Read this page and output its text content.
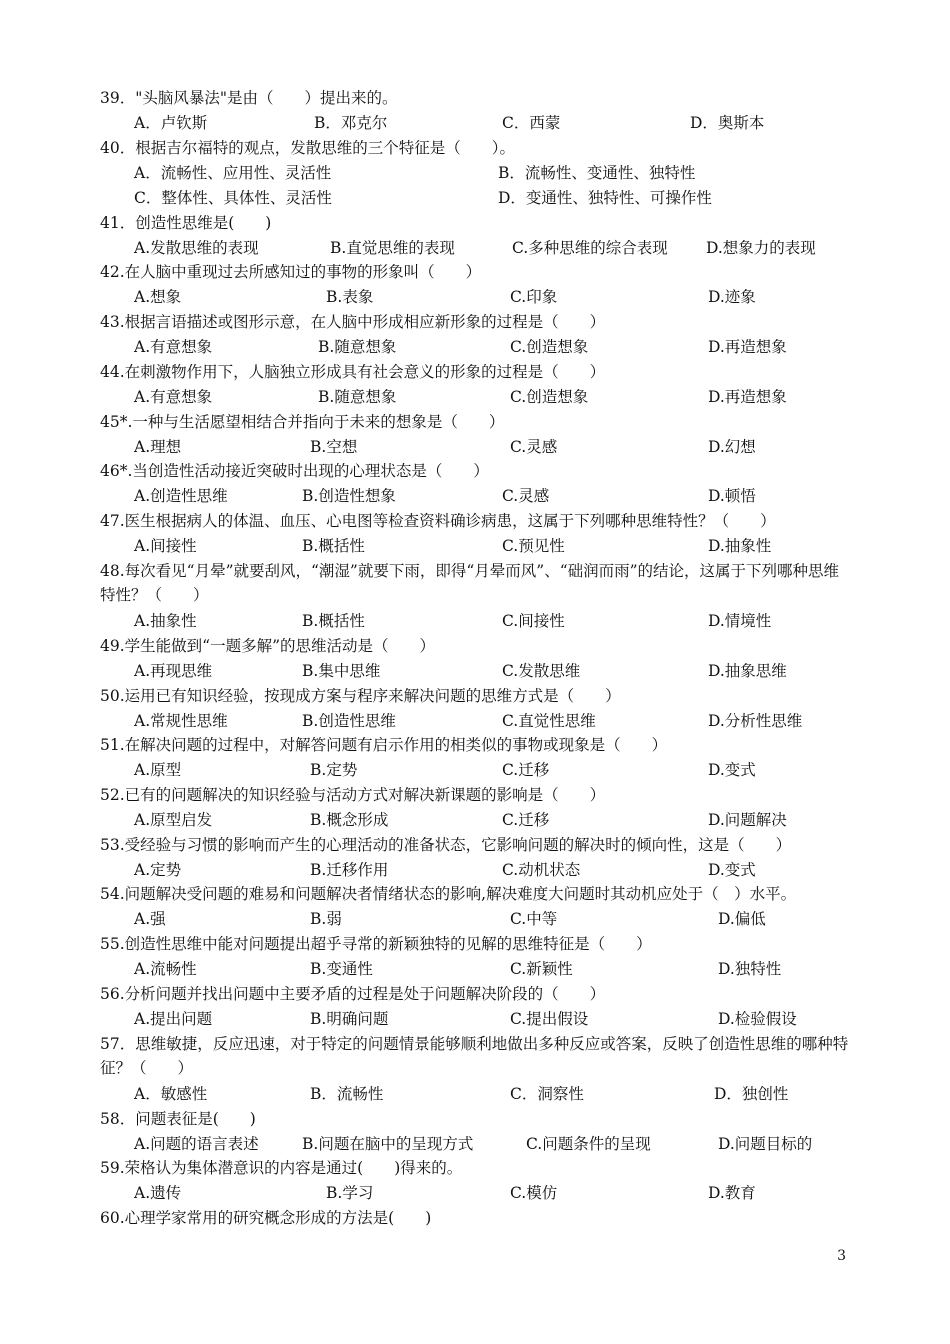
39．"头脑风暴法"是由（　　）提出来的。
A．卢钦斯	B．邓克尔	C．西蒙	D．奥斯本
40．根据吉尔福特的观点，发散思维的三个特征是（　　）。
A．流畅性、应用性、灵活性	B．流畅性、变通性、独特性
C．整体性、具体性、灵活性	D．变通性、独特性、可操作性
41．创造性思维是(　　)
A.发散思维的表现	B.直觉思维的表现	C.多种思维的综合表现 D.想象力的表现
42.在人脑中重现过去所感知过的事物的形象叫（　　）
A.想象	B.表象	C.印象	D.迹象
43.根据言语描述或图形示意，在人脑中形成相应新形象的过程是（　　）
A.有意想象	B.随意想象	C.创造想象	D.再造想象
44.在刺激物作用下，人脑独立形成具有社会意义的形象的过程是（　　）
A.有意想象	B.随意想象	C.创造想象	D.再造想象
45*.一种与生活愿望相结合并指向于未来的想象是（　　）
A.理想	B.空想	C.灵感	D.幻想
46*.当创造性活动接近突破时出现的心理状态是（　　）
A.创造性思维	B.创造性想象	C.灵感	D.顿悟
47.医生根据病人的体温、血压、心电图等检查资料确诊病患，这属于下列哪种思维特性？（　　）
A.间接性	B.概括性	C.预见性	D.抽象性
48.每次看见“月晕”就要刮风，“潮湿”就要下雨，即得“月晕而风”、“础润而雨”的结论，这属于下列哪种思维特性？（　　）
A.抽象性	B.概括性	C.间接性	D.情境性
49.学生能做到“一题多解”的思维活动是（　　）
A.再现思维	B.集中思维	C.发散思维	D.抽象思维
50.运用已有知识经验，按现成方案与程序来解决问题的思维方式是（　　）
A.常规性思维	B.创造性思维	C.直觉性思维	D.分析性思维
51.在解决问题的过程中，对解答问题有启示作用的相类似的事物或现象是（　　）
A.原型	B.定势	C.迁移	D.变式
52.已有的问题解决的知识经验与活动方式对解决新课题的影响是（　　）
A.原型启发	B.概念形成	C.迁移	D.问题解决
53.受经验与习惯的影响而产生的心理活动的准备状态，它影响问题的解决时的倾向性，这是（　　）
A.定势	B.迁移作用	C.动机状态	D.变式
54.问题解决受问题的难易和问题解决者情绪状态的影响,解决难度大问题时其动机应处于（　）水平。
A.强	B.弱	C.中等	D.偏低
55.创造性思维中能对问题提出超乎寻常的新颖独特的见解的思维特征是（　　）
A.流畅性	B.变通性	C.新颖性	D.独特性
56.分析问题并找出问题中主要矛盾的过程是处于问题解决阶段的（　　）
A.提出问题	B.明确问题	C.提出假设	D.检验假设
57．思维敏捷，反应迅速，对于特定的问题情景能够顺利地做出多种反应或答案，反映了创造性思维的哪种特征？（　　）
A．敏感性	B．流畅性	C．洞察性	D．独创性
58．问题表征是(　　)
A.问题的语言表述	B.问题在脑中的呈现方式	C.问题条件的呈现	D.问题目标的
59.荣格认为集体潜意识的内容是通过(　　)得来的。
A.遗传	B.学习	C.模仿	D.教育
60.心理学家常用的研究概念形成的方法是(　　)
3
